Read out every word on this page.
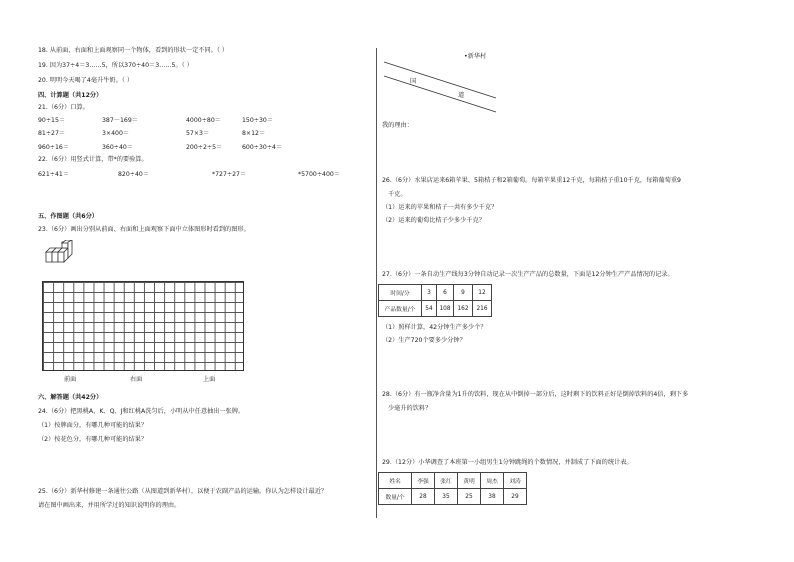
18. 从前面、右面和上面观察同一个物体，看到的形状一定不同。（ ）
19. 因为37÷4＝3……5，所以370÷40＝3……5。（ ）
20. 明明今天喝了4毫升牛奶。（ ）
四、计算题（共12分）
21.（6分）口算。
90÷15＝	387－169＝	4000÷80＝	150÷30＝
81÷27＝	3×400＝	57×3＝	8×12＝
960÷16＝	360÷40＝	200÷2÷5＝	600÷30÷4＝
22.（6分）用竖式计算，带*的要验算。
621÷41＝	820÷40＝	*727÷27＝	*5700÷400＝
五、作图题（共6分）
23.（6分）画出分别从前面、右面和上面观察下面中立体图形时看到的图形。
前面	右面	上面
六、解答题（共42分）
24.（6分）把黑桃A、K、Q、J和红桃A洗匀后，小明从中任意抽出一张牌。
（1）按牌面分，有哪几种可能的结果？
（2）按花色分，有哪几种可能的结果？
25.（6分）新华村修建一条通往公路（从图道到新华村），以便于农副产品的运输。你认为怎样设计最近？
请在图中画出来，并用所学过的知识说明你的理由。
•新华村
国
道
我的理由：
26.（6分）水果店运来6箱苹果、5箱桔子和2箱葡萄。每箱苹果重12千克，每箱桔子重10千克，每箱葡萄重9
千克。
（1）运来的苹果和桔子一共有多少千克？
（2）运来的葡萄比桔子少多少千克？
27.（6分）一条自动生产线每3分钟自动记录一次生产产品的总数量，下面是12分钟生产产品情况的记录。
时间/分	3	6	9	12
产品数量/个	54	108	162	216
（1）照样计算，42分钟生产多少个？
（2）生产720个要多少分钟？
28.（6分）有一瓶净含量为1升的饮料，现在从中倒掉一部分后，这时剩下的饮料正好是倒掉饮料的4倍，剩下多
少毫升的饮料？
29.（12分）小华调查了本班第一小组男生1分钟跳绳的个数情况，并制成了下面的统计表。
姓名	李强	张红	黄明	周杰	刘涛
数量/个	28	35	25	38	29
